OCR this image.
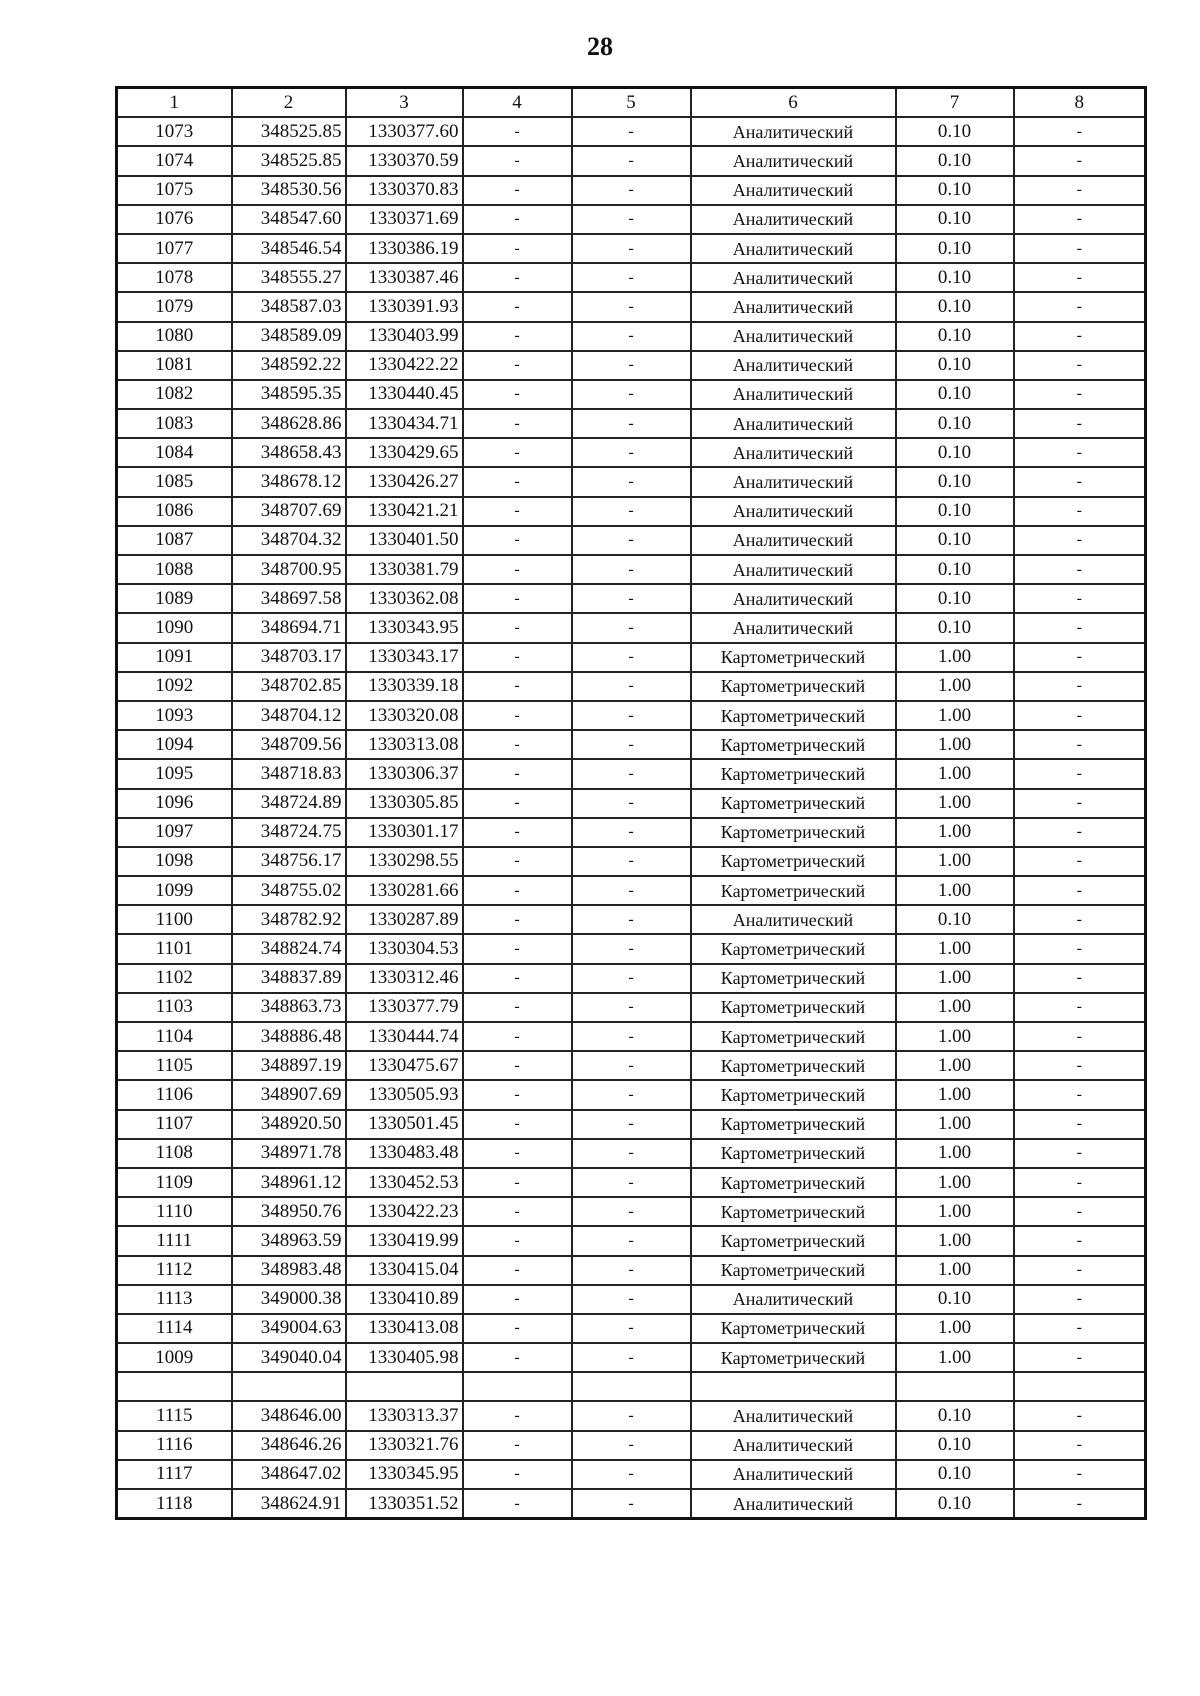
28
1	2	3	4	5	6	7	8
1073	348525.85	1330377.60	-	-	Аналитический	0.10	-
1074	348525.85	1330370.59	-	-	Аналитический	0.10	-
1075	348530.56	1330370.83	-	-	Аналитический	0.10	-
1076	348547.60	1330371.69	-	-	Аналитический	0.10	-
1077	348546.54	1330386.19	-	-	Аналитический	0.10	-
1078	348555.27	1330387.46	-	-	Аналитический	0.10	-
1079	348587.03	1330391.93	-	-	Аналитический	0.10	-
1080	348589.09	1330403.99	-	-	Аналитический	0.10	-
1081	348592.22	1330422.22	-	-	Аналитический	0.10	-
1082	348595.35	1330440.45	-	-	Аналитический	0.10	-
1083	348628.86	1330434.71	-	-	Аналитический	0.10	-
1084	348658.43	1330429.65	-	-	Аналитический	0.10	-
1085	348678.12	1330426.27	-	-	Аналитический	0.10	-
1086	348707.69	1330421.21	-	-	Аналитический	0.10	-
1087	348704.32	1330401.50	-	-	Аналитический	0.10	-
1088	348700.95	1330381.79	-	-	Аналитический	0.10	-
1089	348697.58	1330362.08	-	-	Аналитический	0.10	-
1090	348694.71	1330343.95	-	-	Аналитический	0.10	-
1091	348703.17	1330343.17	-	-	Картометрический	1.00	-
1092	348702.85	1330339.18	-	-	Картометрический	1.00	-
1093	348704.12	1330320.08	-	-	Картометрический	1.00	-
1094	348709.56	1330313.08	-	-	Картометрический	1.00	-
1095	348718.83	1330306.37	-	-	Картометрический	1.00	-
1096	348724.89	1330305.85	-	-	Картометрический	1.00	-
1097	348724.75	1330301.17	-	-	Картометрический	1.00	-
1098	348756.17	1330298.55	-	-	Картометрический	1.00	-
1099	348755.02	1330281.66	-	-	Картометрический	1.00	-
1100	348782.92	1330287.89	-	-	Аналитический	0.10	-
1101	348824.74	1330304.53	-	-	Картометрический	1.00	-
1102	348837.89	1330312.46	-	-	Картометрический	1.00	-
1103	348863.73	1330377.79	-	-	Картометрический	1.00	-
1104	348886.48	1330444.74	-	-	Картометрический	1.00	-
1105	348897.19	1330475.67	-	-	Картометрический	1.00	-
1106	348907.69	1330505.93	-	-	Картометрический	1.00	-
1107	348920.50	1330501.45	-	-	Картометрический	1.00	-
1108	348971.78	1330483.48	-	-	Картометрический	1.00	-
1109	348961.12	1330452.53	-	-	Картометрический	1.00	-
1110	348950.76	1330422.23	-	-	Картометрический	1.00	-
1111	348963.59	1330419.99	-	-	Картометрический	1.00	-
1112	348983.48	1330415.04	-	-	Картометрический	1.00	-
1113	349000.38	1330410.89	-	-	Аналитический	0.10	-
1114	349004.63	1330413.08	-	-	Картометрический	1.00	-
1009	349040.04	1330405.98	-	-	Картометрический	1.00	-

1115	348646.00	1330313.37	-	-	Аналитический	0.10	-
1116	348646.26	1330321.76	-	-	Аналитический	0.10	-
1117	348647.02	1330345.95	-	-	Аналитический	0.10	-
1118	348624.91	1330351.52	-	-	Аналитический	0.10	-
